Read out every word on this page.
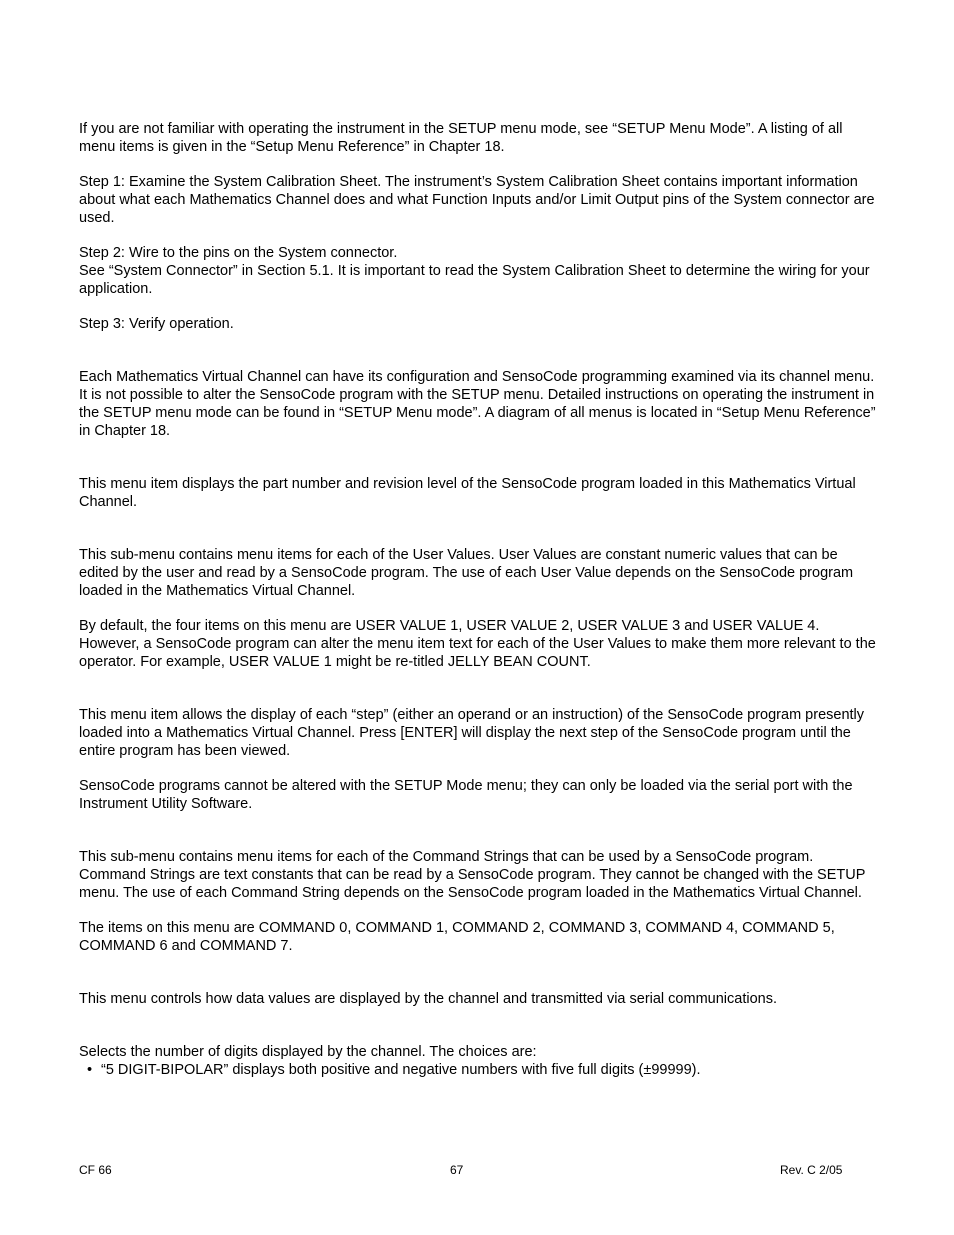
If you are not familiar with operating the instrument in the SETUP menu mode, see “SETUP Menu Mode”. A listing of all menu items is given in the “Setup Menu Reference” in Chapter 18.

Step 1: Examine the System Calibration Sheet. The instrument’s System Calibration Sheet contains important information about what each Mathematics Channel does and what Function Inputs and/or Limit Output pins of the System connector are used.

Step 2: Wire to the pins on the System connector.

See “System Connector” in Section 5.1. It is important to read the System Calibration Sheet to determine the wiring for your application.

Step 3: Verify operation.

Each Mathematics Virtual Channel can have its configuration and SensoCode programming examined via its channel menu. It is not possible to alter the SensoCode program with the SETUP menu. Detailed instructions on operating the instrument in the SETUP menu mode can be found in “SETUP Menu mode”. A diagram of all menus is located in “Setup Menu Reference” in Chapter 18.

This menu item displays the part number and revision level of the SensoCode program loaded in this Mathematics Virtual Channel.

This sub-menu contains menu items for each of the User Values. User Values are constant numeric values that can be edited by the user and read by a SensoCode program. The use of each User Value depends on the SensoCode program loaded in the Mathematics Virtual Channel.

By default, the four items on this menu are USER VALUE 1, USER VALUE 2, USER VALUE 3 and USER VALUE 4. However, a SensoCode program can alter the menu item text for each of the User Values to make them more relevant to the operator. For example, USER VALUE 1 might be re-titled JELLY BEAN COUNT.

This menu item allows the display of each “step” (either an operand or an instruction) of the SensoCode program presently loaded into a Mathematics Virtual Channel. Press [ENTER] will display the next step of the SensoCode program until the entire program has been viewed.

SensoCode programs cannot be altered with the SETUP Mode menu; they can only be loaded via the serial port with the Instrument Utility Software.

This sub-menu contains menu items for each of the Command Strings that can be used by a SensoCode program. Command Strings are text constants that can be read by a SensoCode program. They cannot be changed with the SETUP menu. The use of each Command String depends on the SensoCode program loaded in the Mathematics Virtual Channel.

The items on this menu are COMMAND 0, COMMAND 1, COMMAND 2, COMMAND 3, COMMAND 4, COMMAND 5, COMMAND 6 and COMMAND 7.

This menu controls how data values are displayed by the channel and transmitted via serial communications.

Selects the number of digits displayed by the channel. The choices are:

• “5 DIGIT-BIPOLAR” displays both positive and negative numbers with five full digits (±99999).
CF 66	67	Rev. C 2/05
